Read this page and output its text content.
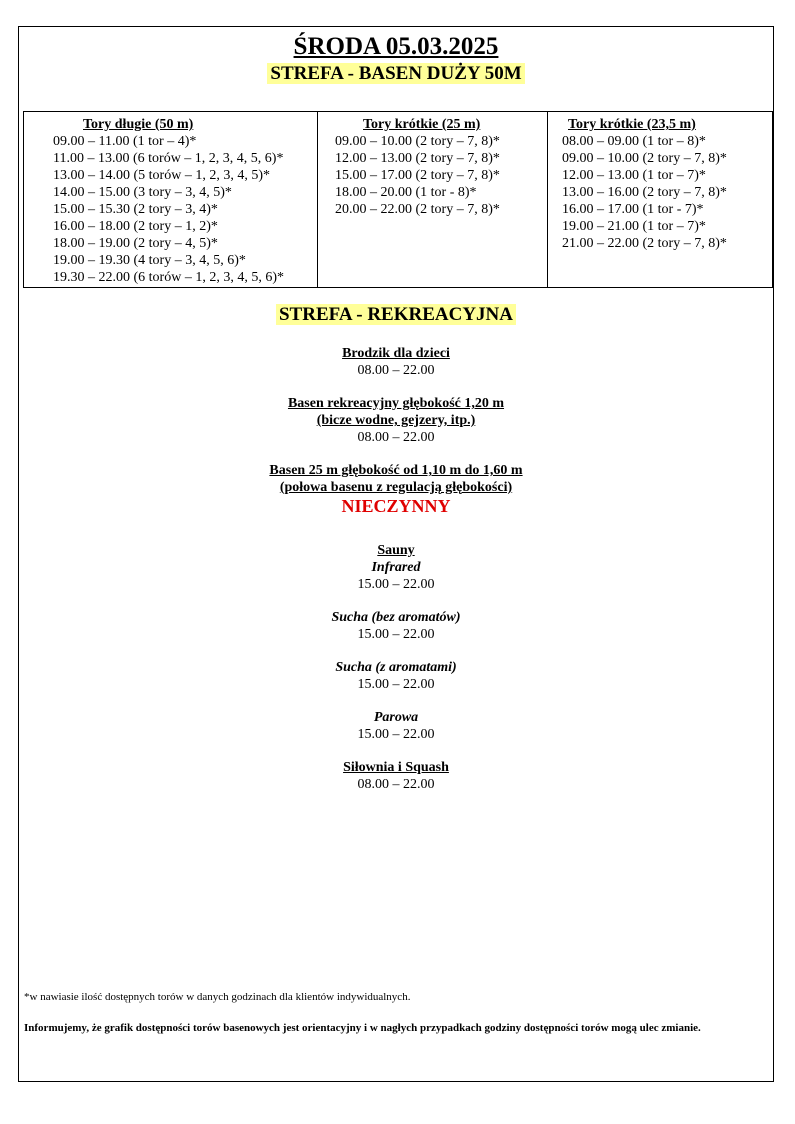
ŚRODA 05.03.2025
STREFA - BASEN DUŻY 50M
Tory długie (50 m)
09.00 – 11.00 (1 tor – 4)*
11.00 – 13.00 (6 torów – 1, 2, 3, 4, 5, 6)*
13.00 – 14.00 (5 torów – 1, 2, 3, 4, 5)*
14.00 – 15.00 (3 tory – 3, 4, 5)*
15.00 – 15.30 (2 tory – 3, 4)*
16.00 – 18.00 (2 tory – 1, 2)*
18.00 – 19.00 (2 tory – 4, 5)*
19.00 – 19.30 (4 tory – 3, 4, 5, 6)*
19.30 – 22.00 (6 torów – 1, 2, 3, 4, 5, 6)*
Tory krótkie (25 m)
09.00 – 10.00 (2 tory – 7, 8)*
12.00 – 13.00 (2 tory – 7, 8)*
15.00 – 17.00 (2 tory – 7, 8)*
18.00 – 20.00 (1 tor - 8)*
20.00 – 22.00 (2 tory – 7, 8)*
Tory krótkie (23,5 m)
08.00 – 09.00 (1 tor – 8)*
09.00 – 10.00 (2 tory – 7, 8)*
12.00 – 13.00 (1 tor – 7)*
13.00 – 16.00 (2 tory – 7, 8)*
16.00 – 17.00 (1 tor - 7)*
19.00 – 21.00 (1 tor – 7)*
21.00 – 22.00 (2 tory – 7, 8)*
STREFA - REKREACYJNA
Brodzik dla dzieci
08.00 – 22.00
Basen rekreacyjny głębokość 1,20 m
(bicze wodne, gejzery, itp.)
08.00 – 22.00
Basen 25 m głębokość od 1,10 m do 1,60 m
(połowa basenu z regulacją głębokości)
NIECZYNNY
Sauny
Infrared
15.00 – 22.00
Sucha (bez aromatów)
15.00 – 22.00
Sucha (z aromatami)
15.00 – 22.00
Parowa
15.00 – 22.00
Siłownia i Squash
08.00 – 22.00
*w nawiasie ilość dostępnych torów w danych godzinach dla klientów indywidualnych.
Informujemy, że grafik dostępności torów basenowych jest orientacyjny i w nagłych przypadkach godziny dostępności torów mogą ulec zmianie.
